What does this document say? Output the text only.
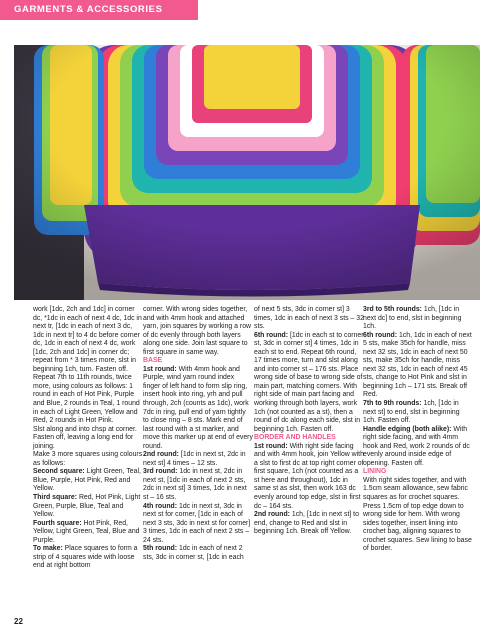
GARMENTS & ACCESSORIES

work [1dc, 2ch and 1dc] in corner dc, *1dc in each of next 4 dc, 1dc in next tr, [1dc in each of next 3 dc, 1dc in next tr] to 4 dc before corner dc, 1dc in each of next 4 dc, work [1dc, 2ch and 1dc] in corner dc; repeat from * 3 times more, slst in beginning 1ch, turn. Fasten off.

Repeat 7th to 11th rounds, twice more, using colours as follows: 1 round in each of Hot Pink, Purple and Blue, 2 rounds in Teal, 1 round in each of Light Green, Yellow and Red, 2 rounds in Hot Pink.

Slst along and into chsp at corner. Fasten off, leaving a long end for joining.

Make 3 more squares using colours as follows:

Second square: Light Green, Teal, Blue, Purple, Hot Pink, Red and Yellow.

Third square: Red, Hot Pink, Light Green, Purple, Blue, Teal and Yellow.

Fourth square: Hot Pink, Red, Yellow, Light Green, Teal, Blue and Purple.

To make: Place squares to form a strip of 4 squares wide with loose end at right bottom

corner. With wrong sides together, and with 4mm hook and attached yarn, join squares by working a row of dc evenly through both layers along one side. Join last square to first square in same way.

BASE

1st round: With 4mm hook and Purple, wind yarn round index finger of left hand to form slip ring, insert hook into ring, yrh and pull through, 2ch (counts as 1dc), work 7dc in ring, pull end of yarn tightly to close ring – 8 sts. Mark end of last round with a st marker, and move this marker up at end of every round.

2nd round: [1dc in next st, 2dc in next st] 4 times – 12 sts.

3rd round: 1dc in next st, 2dc in next st, [1dc in each of next 2 sts, 2dc in next st] 3 times, 1dc in next st – 16 sts.

4th round: 1dc in next st, 3dc in next st for corner, [1dc in each of next 3 sts, 3dc in next st for corner] 3 times, 1dc in each of next 2 sts – 24 sts.

5th round: 1dc in each of next 2 sts, 3dc in corner st, [1dc in each

of next 5 sts, 3dc in corner st] 3 times, 1dc in each of next 3 sts – 32 sts.

6th round: [1dc in each st to corner st, 3dc in corner st] 4 times, 1dc in each st to end. Repeat 6th round, 17 times more, turn and slst along and into corner st – 176 sts. Place wrong side of base to wrong side of main part, matching corners. With right side of main part facing and working through both layers, work 1ch (not counted as a st), then a round of dc along each side, slst in beginning 1ch. Fasten off.

BORDER AND HANDLES

1st round: With right side facing and with 4mm hook, join Yellow with a slst to first dc at top right corner of first square, 1ch (not counted as a st here and throughout), 1dc in same st as slst, then work 163 dc evenly around top edge, slst in first dc – 164 sts.

2nd round: 1ch, [1dc in next st] to end, change to Red and slst in beginning 1ch. Break off Yellow.

3rd to 5th rounds: 1ch, [1dc in next dc] to end, slst in beginning 1ch.

6th round: 1ch, 1dc in each of next 5 sts, make 35ch for handle, miss next 32 sts, 1dc in each of next 50 sts, make 35ch for handle, miss next 32 sts, 1dc in each of next 45 sts, change to Hot Pink and slst in beginning 1ch – 171 sts. Break off Red.

7th to 9th rounds: 1ch, [1dc in next st] to end, slst in beginning 1ch. Fasten off.

Handle edging (both alike): With right side facing, and with 4mm hook and Red, work 2 rounds of dc evenly around inside edge of opening. Fasten off.

LINING

With right sides together, and with 1.5cm seam allowance, sew fabric squares as for crochet squares. Press 1.5cm of top edge down to wrong side for hem. With wrong sides together, insert lining into crochet bag, aligning squares to crochet squares. Sew lining to base of border.

22
